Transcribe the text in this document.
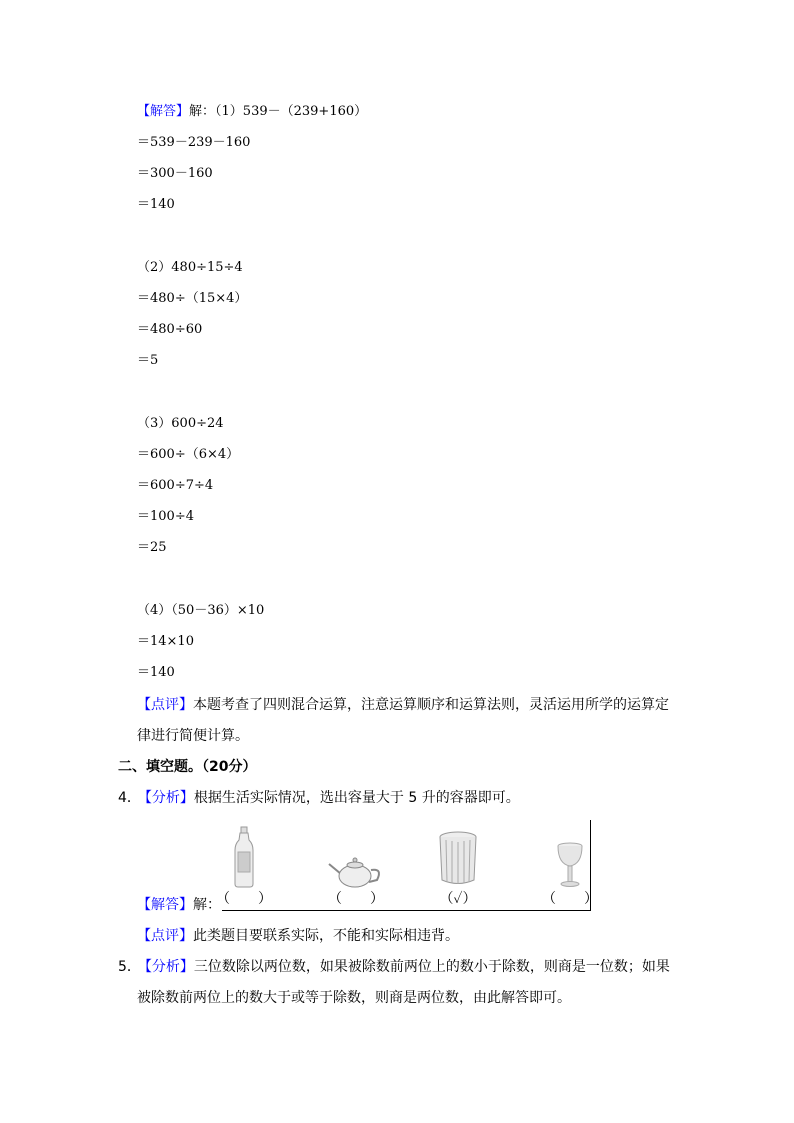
【解答】解：（1）539－（239+160）
＝539－239－160
＝300－160
＝140
（2）480÷15÷4
＝480÷（15×4）
＝480÷60
＝5
（3）600÷24
＝600÷（6×4）
＝600÷7÷4
＝100÷4
＝25
（4）（50－36）×10
＝14×10
＝140
【点评】本题考查了四则混合运算，注意运算顺序和运算法则，灵活运用所学的运算定
律进行简便计算。
二、填空题。（20分）
4． 【分析】根据生活实际情况，选出容量大于 5 升的容器即可。
【解答】解：
（　　）	（　　）	（✓）	（　　）
【点评】此类题目要联系实际，不能和实际相违背。
5． 【分析】三位数除以两位数，如果被除数前两位上的数小于除数，则商是一位数；如果
被除数前两位上的数大于或等于除数，则商是两位数，由此解答即可。
